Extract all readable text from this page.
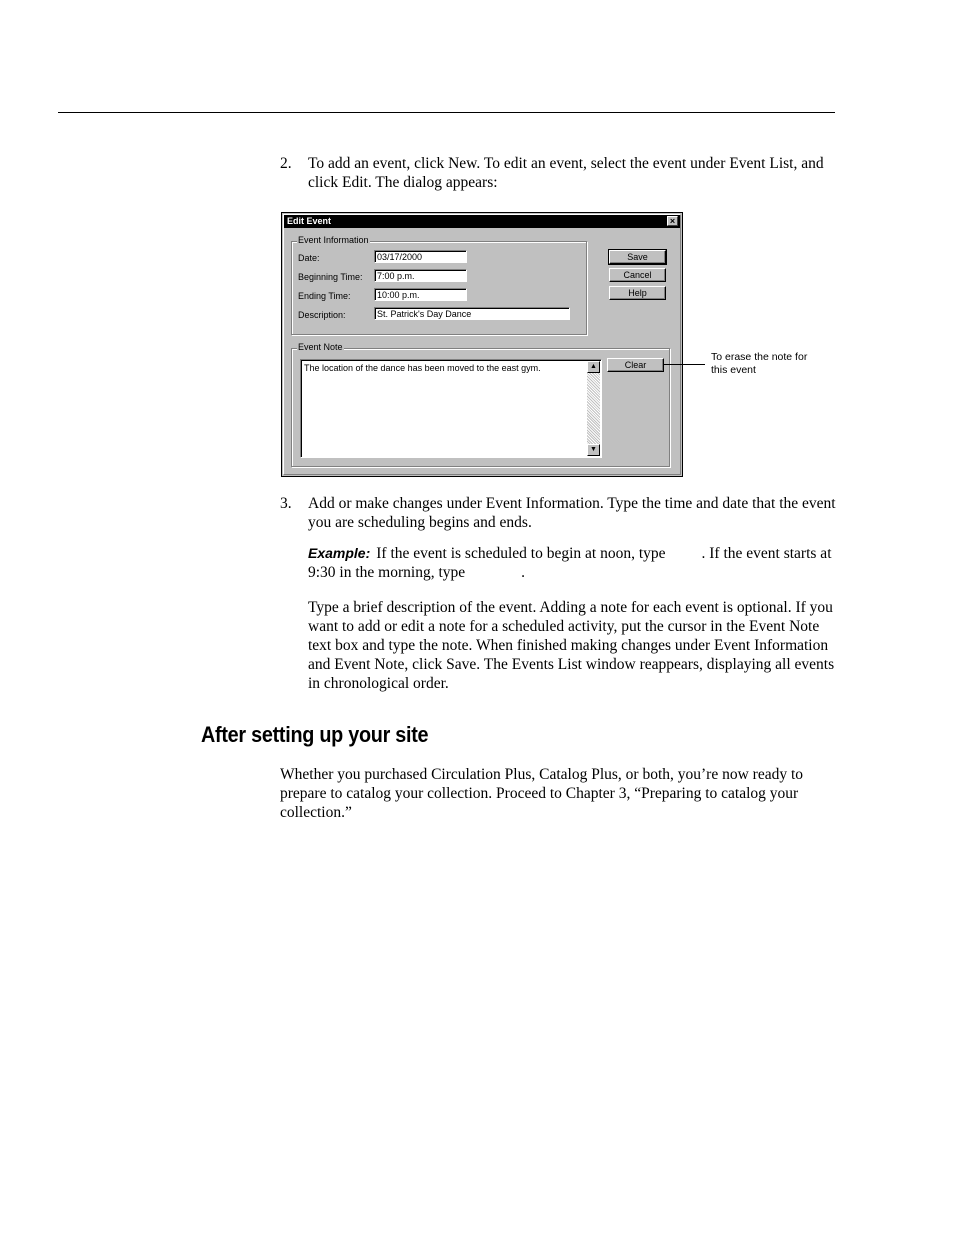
2. To add an event, click New. To edit an event, select the event under Event List, and click Edit. The dialog appears:
Edit Event	×
Event Information
Date:	03/17/2000
Beginning Time:	7:00 p.m.
Ending Time:	10:00 p.m.
Description:	St. Patrick's Day Dance
Save
Cancel
Help
Event Note
The location of the dance has been moved to the east gym.	▲
▼
Clear
To erase the note for this event
3. Add or make changes under Event Information. Type the time and date that the event you are scheduling begins and ends.
Example: If the event is scheduled to begin at noon, type . If the event starts at 9:30 in the morning, type	.
Type a brief description of the event. Adding a note for each event is optional. If you want to add or edit a note for a scheduled activity, put the cursor in the Event Note text box and type the note. When finished making changes under Event Information and Event Note, click Save. The Events List window reappears, displaying all events in chronological order.
After setting up your site
Whether you purchased Circulation Plus, Catalog Plus, or both, you’re now ready to prepare to catalog your collection. Proceed to Chapter 3, “Preparing to catalog your collection.”
